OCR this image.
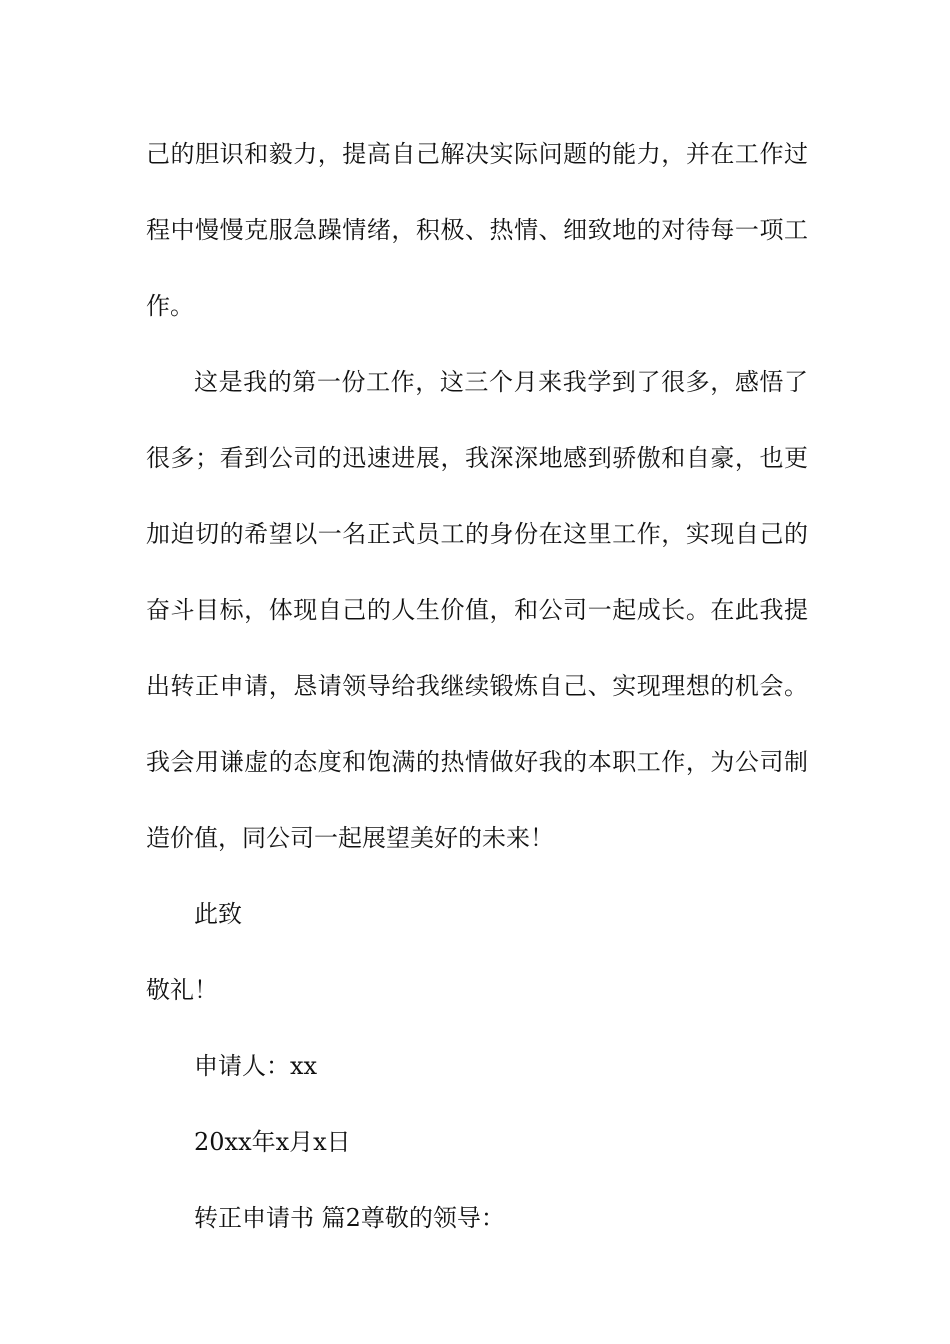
己的胆识和毅力，提高自己解决实际问题的能力，并在工作过
程中慢慢克服急躁情绪，积极、热情、细致地的对待每一项工
作。
这是我的第一份工作，这三个月来我学到了很多，感悟了
很多；看到公司的迅速进展，我深深地感到骄傲和自豪，也更
加迫切的希望以一名正式员工的身份在这里工作，实现自己的
奋斗目标，体现自己的人生价值，和公司一起成长。在此我提
出转正申请，恳请领导给我继续锻炼自己、实现理想的机会。
我会用谦虚的态度和饱满的热情做好我的本职工作，为公司制
造价值，同公司一起展望美好的未来！
此致
敬礼！
申请人：xx
20xx年x月x日
转正申请书 篇2尊敬的领导：
